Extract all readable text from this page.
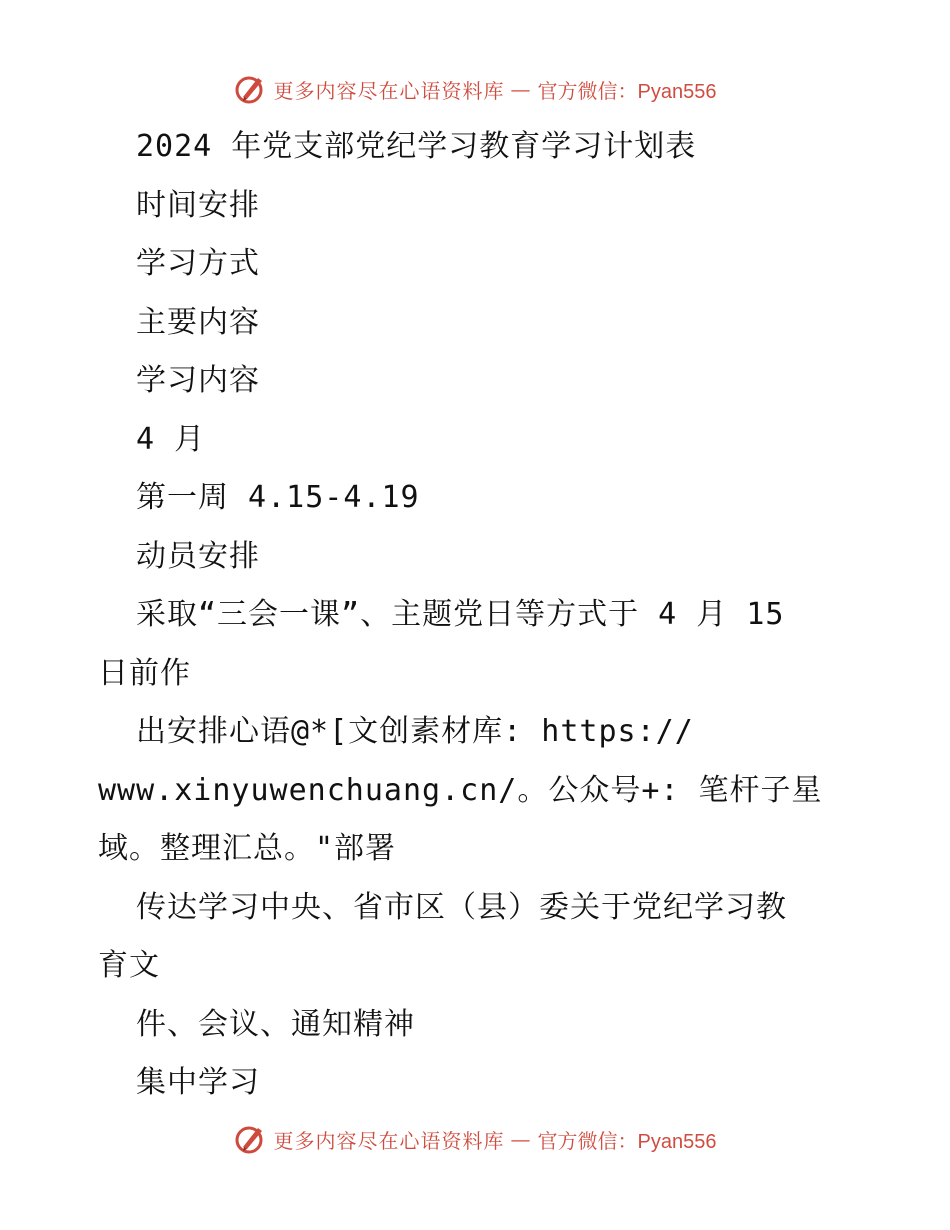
更多内容尽在心语资料库 — 官方微信：Pyan556
2024 年党支部党纪学习教育学习计划表
时间安排
学习方式
主要内容
学习内容
4 月
第一周 4.15-4.19
动员安排
采取“三会一课”、主题党日等方式于 4 月 15
日前作
出安排心语@*[文创素材库: https://
www.xinyuwenchuang.cn/。公众号+: 笔杆子星
域。整理汇总。"部署
传达学习中央、省市区（县）委关于党纪学习教
育文
件、会议、通知精神
集中学习
更多内容尽在心语资料库 — 官方微信：Pyan556
